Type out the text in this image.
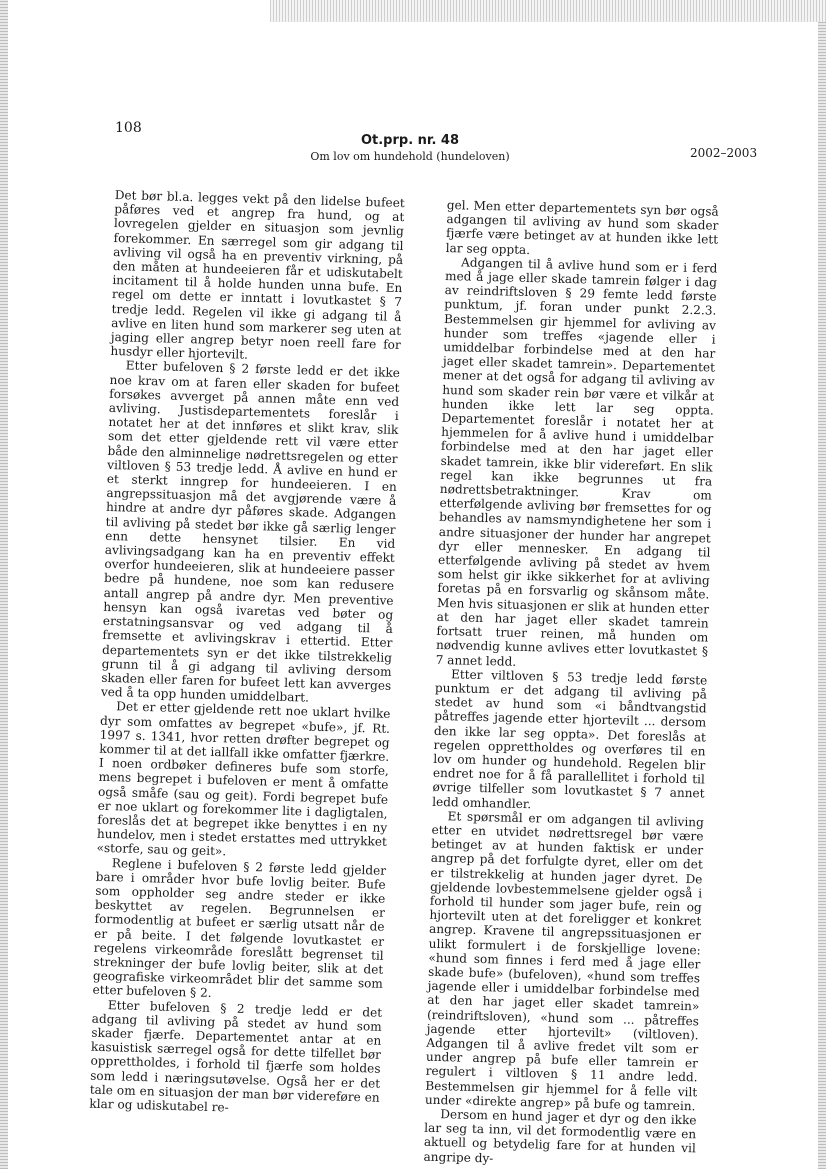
108
Ot.prp. nr. 48
Om lov om hundehold (hundeloven)	2002–2003

Det bør bl.a. legges vekt på den lidelse bufeet påføres ved et angrep fra hund, og at lovregelen gjelder en situasjon som jevnlig forekommer. En særregel som gir adgang til avliving vil også ha en preventiv virkning, på den måten at hundeeieren får et udiskutabelt incitament til å holde hunden unna bufe. En regel om dette er inntatt i lovutkastet § 7 tredje ledd. Regelen vil ikke gi adgang til å avlive en liten hund som markerer seg uten at jaging eller angrep betyr noen reell fare for husdyr eller hjortevilt.

Etter bufeloven § 2 første ledd er det ikke noe krav om at faren eller skaden for bufeet forsøkes avverget på annen måte enn ved avliving. Justisdepartementets foreslår i notatet her at det innføres et slikt krav, slik som det etter gjeldende rett vil være etter både den alminnelige nødrettsregelen og etter viltloven § 53 tredje ledd. Å avlive en hund er et sterkt inngrep for hundeeieren. I en angrepssituasjon må det avgjørende være å hindre at andre dyr påføres skade. Adgangen til avliving på stedet bør ikke gå særlig lenger enn dette hensynet tilsier. En vid avlivingsadgang kan ha en preventiv effekt overfor hundeeieren, slik at hundeeiere passer bedre på hundene, noe som kan redusere antall angrep på andre dyr. Men preventive hensyn kan også ivaretas ved bøter og erstatningsansvar og ved adgang til å fremsette et avlivingskrav i ettertid. Etter departementets syn er det ikke tilstrekkelig grunn til å gi adgang til avliving dersom skaden eller faren for bufeet lett kan avverges ved å ta opp hunden umiddelbart.

Det er etter gjeldende rett noe uklart hvilke dyr som omfattes av begrepet «bufe», jf. Rt. 1997 s. 1341, hvor retten drøfter begrepet og kommer til at det iallfall ikke omfatter fjærkre. I noen ordbøker defineres bufe som storfe, mens begrepet i bufeloven er ment å omfatte også småfe (sau og geit). Fordi begrepet bufe er noe uklart og forekommer lite i dagligtalen, foreslås det at begrepet ikke benyttes i en ny hundelov, men i stedet erstattes med uttrykket «storfe, sau og geit».

Reglene i bufeloven § 2 første ledd gjelder bare i områder hvor bufe lovlig beiter. Bufe som oppholder seg andre steder er ikke beskyttet av regelen. Begrunnelsen er formodentlig at bufeet er særlig utsatt når de er på beite. I det følgende lovutkastet er regelens virkeområde foreslått begrenset til strekninger der bufe lovlig beiter, slik at det geografiske virkeområdet blir det samme som etter bufeloven § 2.

Etter bufeloven § 2 tredje ledd er det adgang til avliving på stedet av hund som skader fjærfe. Departementet antar at en kasuistisk særregel også for dette tilfellet bør opprettholdes, i forhold til fjærfe som holdes som ledd i næringsutøvelse. Også her er det tale om en situasjon der man bør videreføre en klar og udiskutabel re-

gel. Men etter departementets syn bør også adgangen til avliving av hund som skader fjærfe være betinget av at hunden ikke lett lar seg oppta.

Adgangen til å avlive hund som er i ferd med å jage eller skade tamrein følger i dag av reindriftsloven § 29 femte ledd første punktum, jf. foran under punkt 2.2.3. Bestemmelsen gir hjemmel for avliving av hunder som treffes «jagende eller i umiddelbar forbindelse med at den har jaget eller skadet tamrein». Departementet mener at det også for adgang til avliving av hund som skader rein bør være et vilkår at hunden ikke lett lar seg oppta. Departementet foreslår i notatet her at hjemmelen for å avlive hund i umiddelbar forbindelse med at den har jaget eller skadet tamrein, ikke blir videreført. En slik regel kan ikke begrunnes ut fra nødrettsbetraktninger. Krav om etterfølgende avliving bør fremsettes for og behandles av namsmyndighetene her som i andre situasjoner der hunder har angrepet dyr eller mennesker. En adgang til etterfølgende avliving på stedet av hvem som helst gir ikke sikkerhet for at avliving foretas på en forsvarlig og skånsom måte. Men hvis situasjonen er slik at hunden etter at den har jaget eller skadet tamrein fortsatt truer reinen, må hunden om nødvendig kunne avlives etter lovutkastet § 7 annet ledd.

Etter viltloven § 53 tredje ledd første punktum er det adgang til avliving på stedet av hund som «i båndtvangstid påtreffes jagende etter hjortevilt ... dersom den ikke lar seg oppta». Det foreslås at regelen opprettholdes og overføres til en lov om hunder og hundehold. Regelen blir endret noe for å få parallellitet i forhold til øvrige tilfeller som lovutkastet § 7 annet ledd omhandler.

Et spørsmål er om adgangen til avliving etter en utvidet nødrettsregel bør være betinget av at hunden faktisk er under angrep på det forfulgte dyret, eller om det er tilstrekkelig at hunden jager dyret. De gjeldende lovbestemmelsene gjelder også i forhold til hunder som jager bufe, rein og hjortevilt uten at det foreligger et konkret angrep. Kravene til angrepssituasjonen er ulikt formulert i de forskjellige lovene: «hund som finnes i ferd med å jage eller skade bufe» (bufeloven), «hund som treffes jagende eller i umiddelbar forbindelse med at den har jaget eller skadet tamrein» (reindriftsloven), «hund som ... påtreffes jagende etter hjortevilt» (viltloven). Adgangen til å avlive fredet vilt som er under angrep på bufe eller tamrein er regulert i viltloven § 11 andre ledd. Bestemmelsen gir hjemmel for å felle vilt under «direkte angrep» på bufe og tamrein.

Dersom en hund jager et dyr og den ikke lar seg ta inn, vil det formodentlig være en aktuell og betydelig fare for at hunden vil angripe dy-
